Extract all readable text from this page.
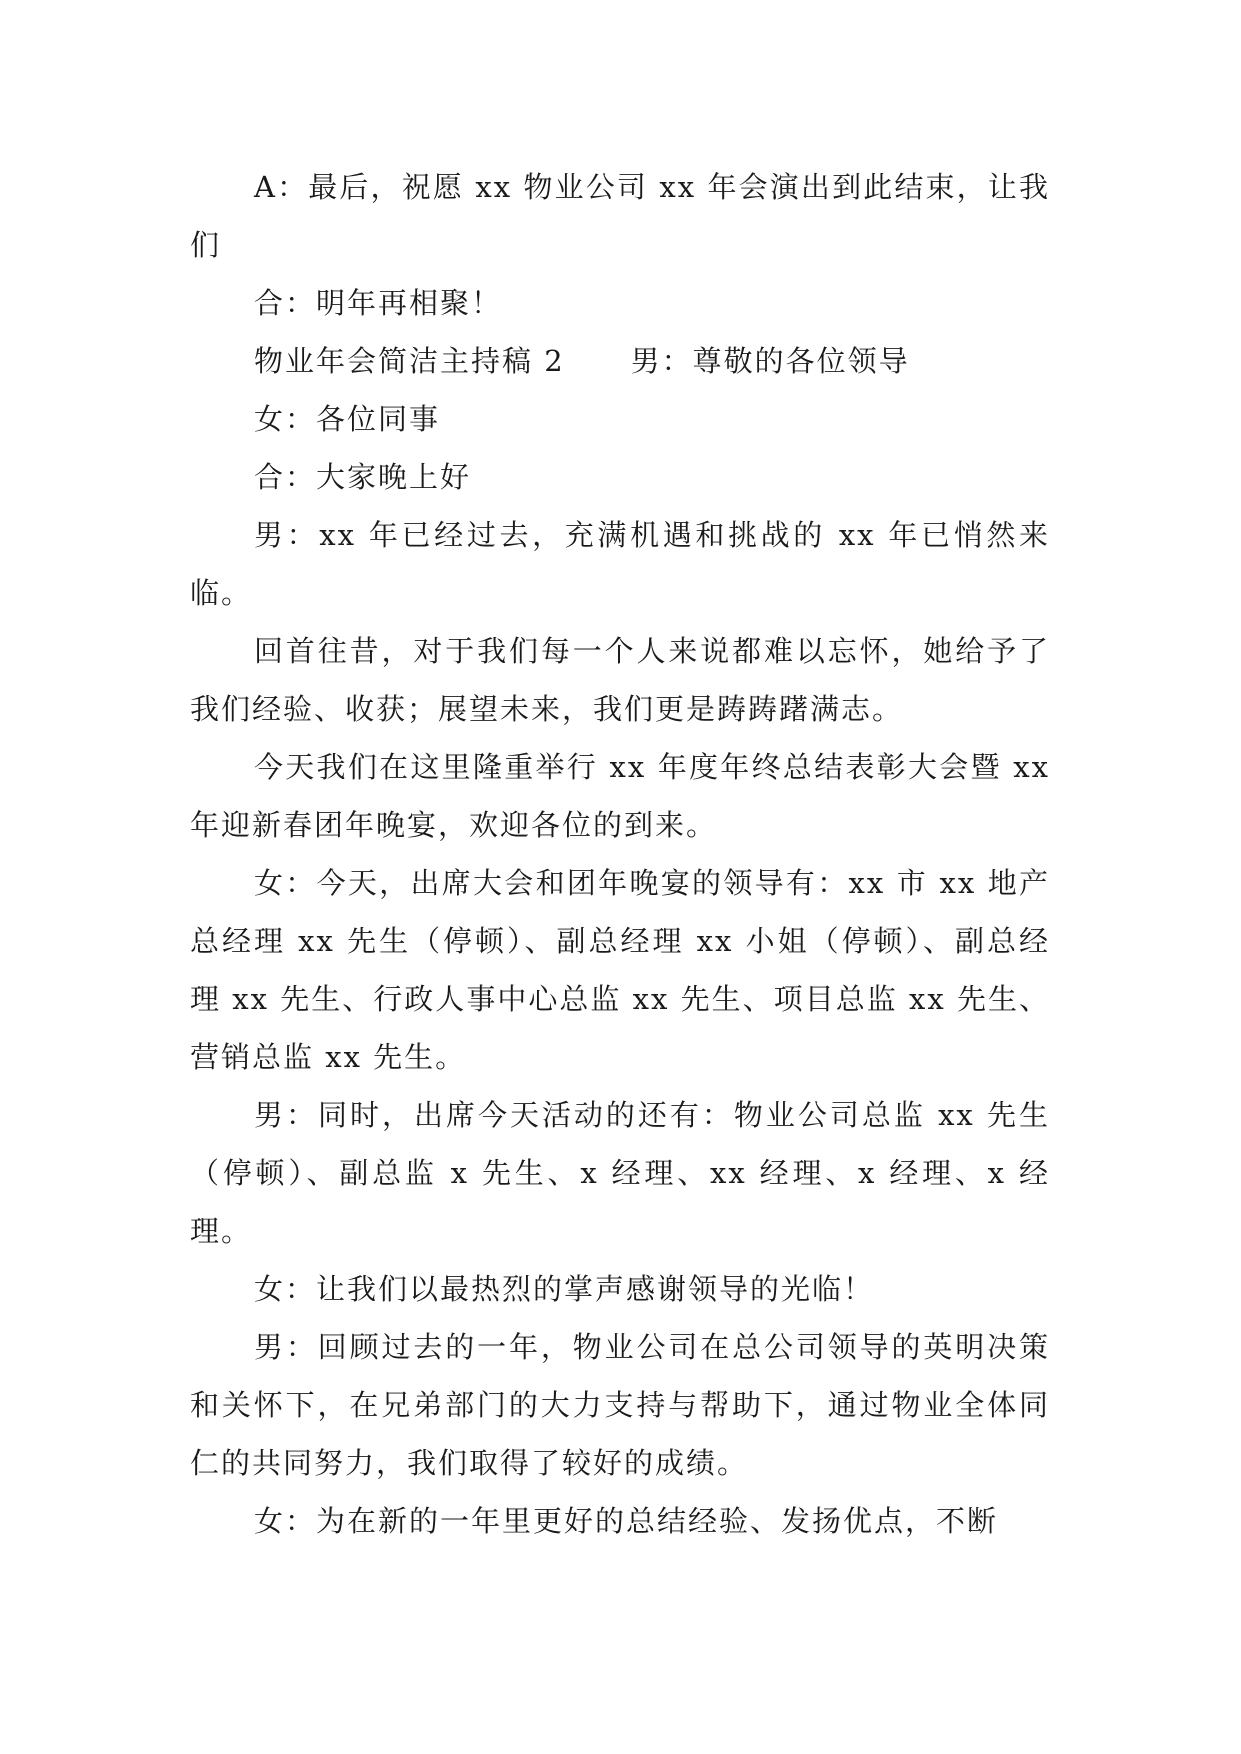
A：最后，祝愿 xx 物业公司 xx 年会演出到此结束，让我们

合：明年再相聚！

物业年会简洁主持稿 2 男：尊敬的各位领导

女：各位同事

合：大家晚上好

男：xx 年已经过去，充满机遇和挑战的 xx 年已悄然来临。

回首往昔，对于我们每一个人来说都难以忘怀，她给予了我们经验、收获；展望未来，我们更是踌踌躇满志。

今天我们在这里隆重举行 xx 年度年终总结表彰大会暨 xx 年迎新春团年晚宴，欢迎各位的到来。

女：今天，出席大会和团年晚宴的领导有：xx 市 xx 地产总经理 xx 先生（停顿）、副总经理 xx 小姐（停顿）、副总经理 xx 先生、行政人事中心总监 xx 先生、项目总监 xx 先生、营销总监 xx 先生。

男：同时，出席今天活动的还有：物业公司总监 xx 先生（停顿）、副总监 x 先生、x 经理、xx 经理、x 经理、x 经理。

女：让我们以最热烈的掌声感谢领导的光临！

男：回顾过去的一年，物业公司在总公司领导的英明决策和关怀下，在兄弟部门的大力支持与帮助下，通过物业全体同仁的共同努力，我们取得了较好的成绩。

女：为在新的一年里更好的总结经验、发扬优点，不断
